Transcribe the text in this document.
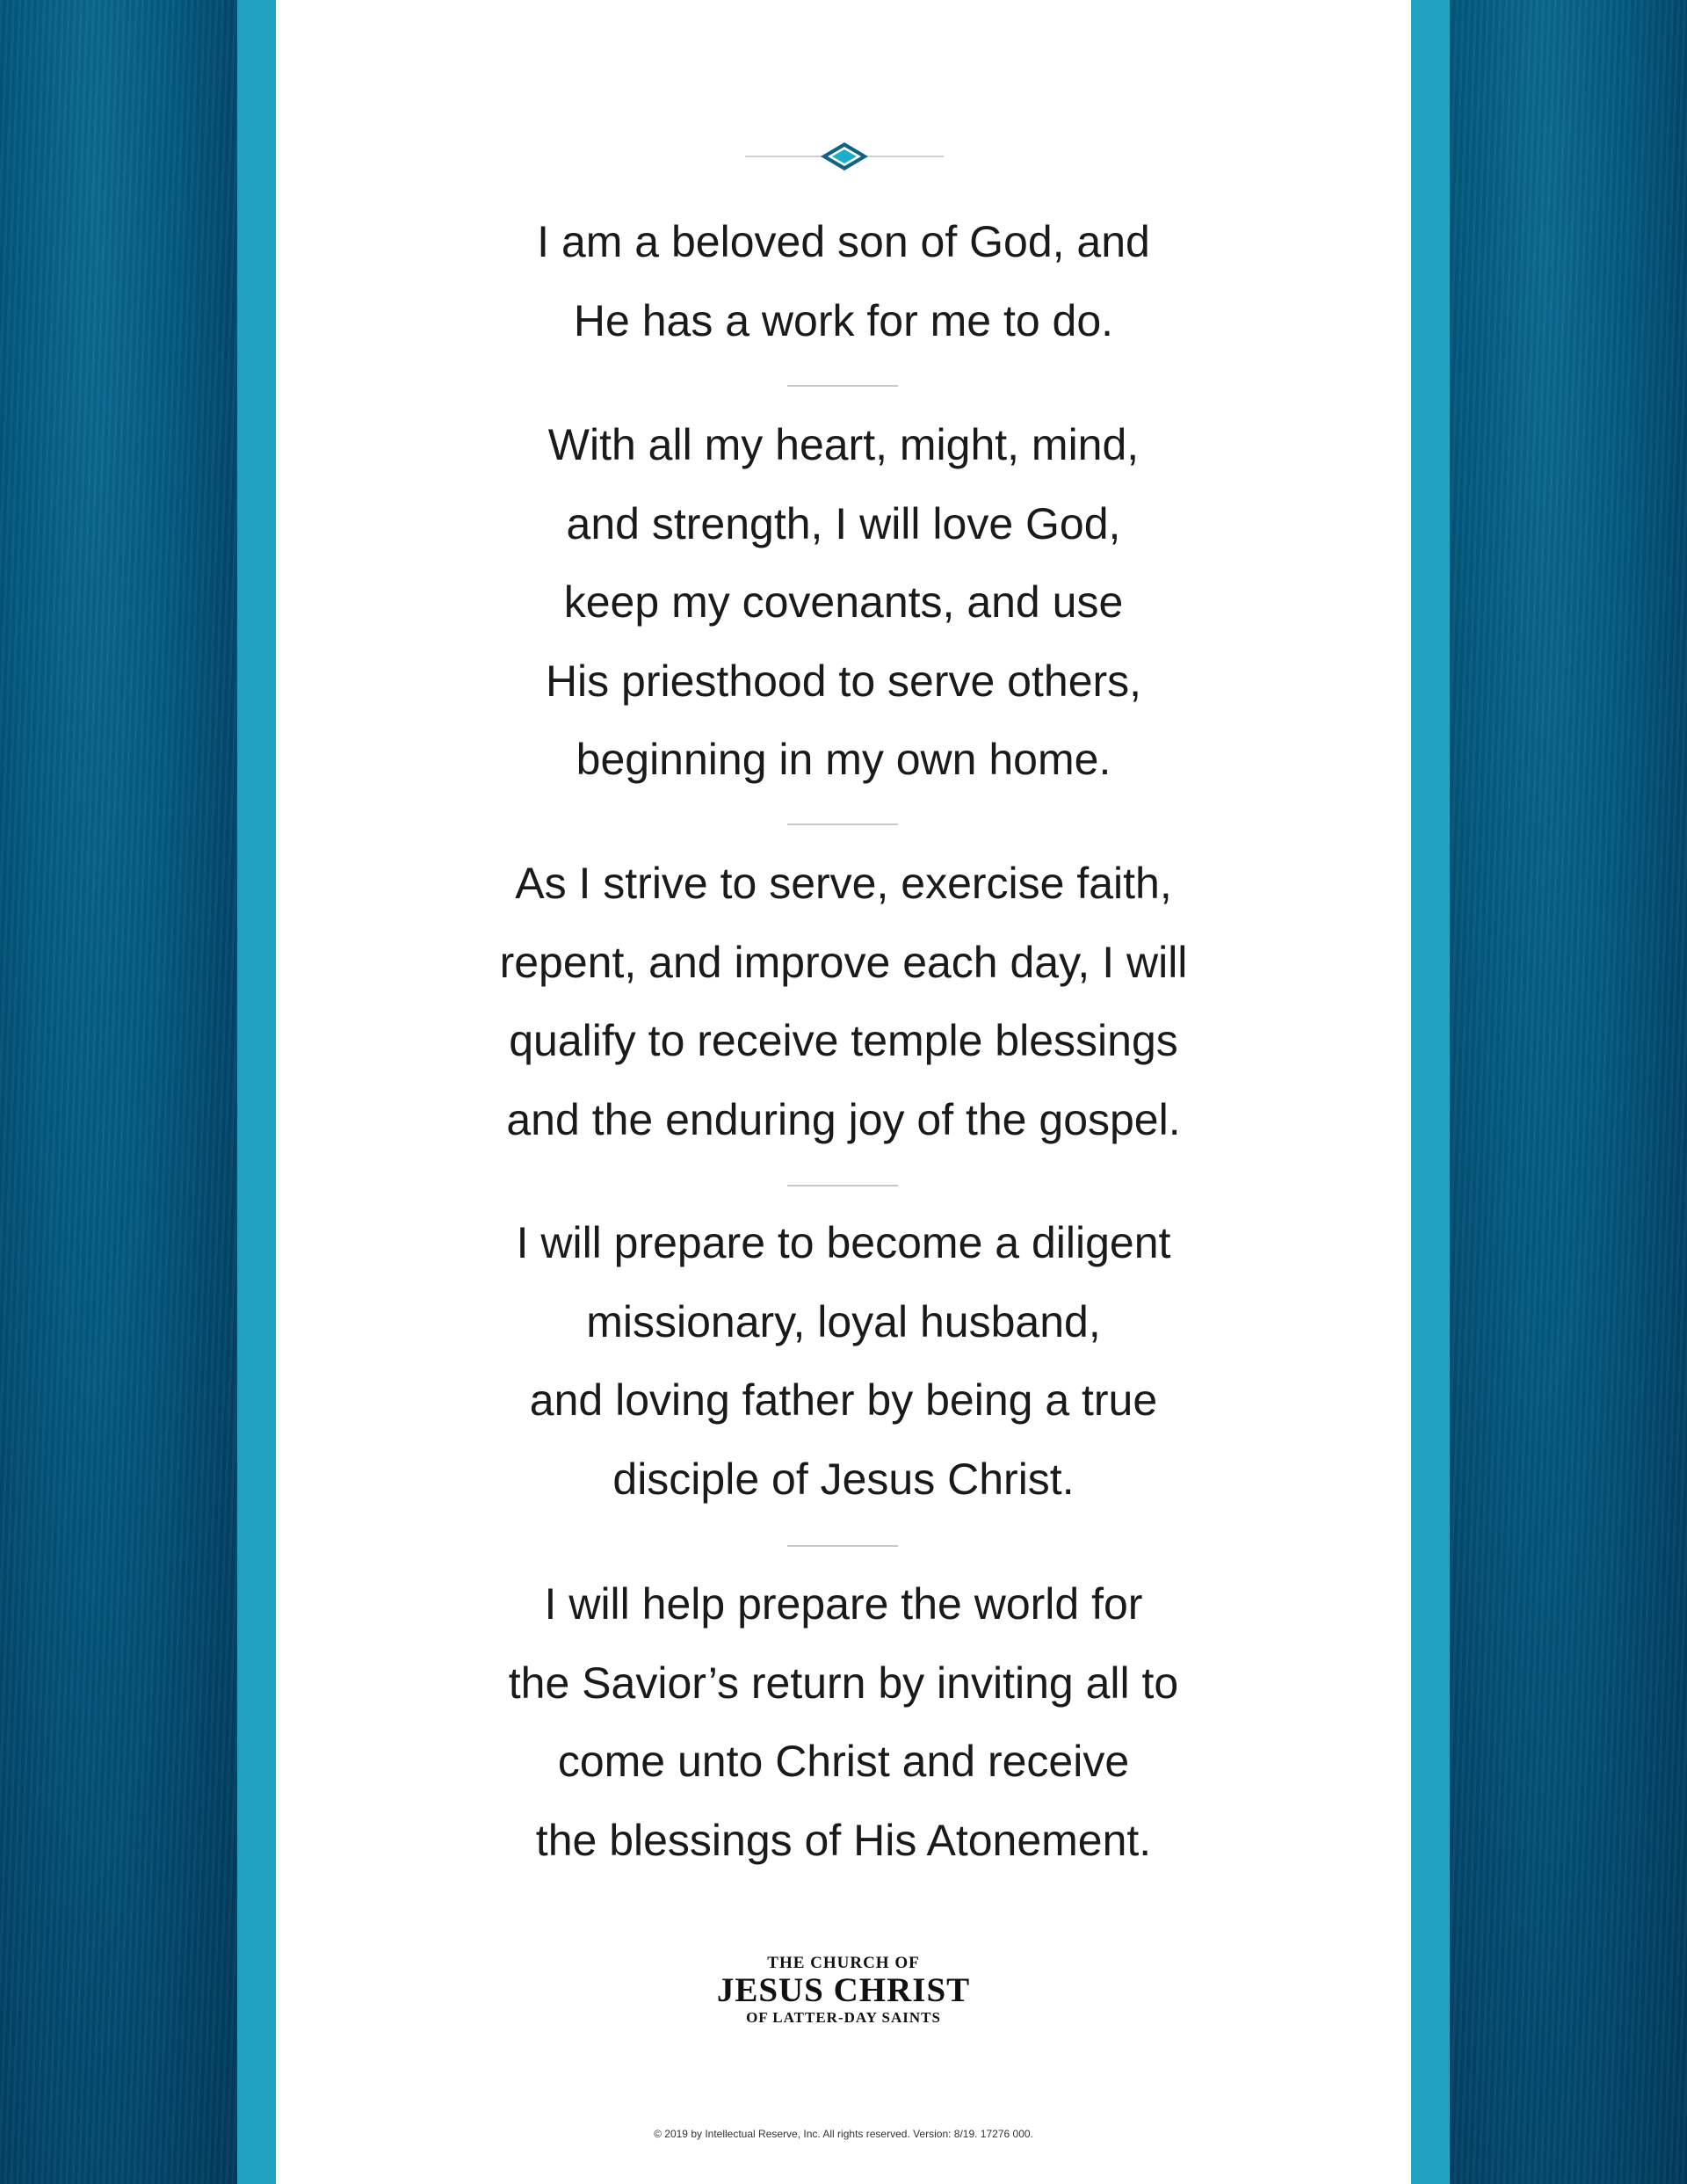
I am a beloved son of God, and
He has a work for me to do.
With all my heart, might, mind,
and strength, I will love God,
keep my covenants, and use
His priesthood to serve others,
beginning in my own home.
As I strive to serve, exercise faith,
repent, and improve each day, I will
qualify to receive temple blessings
and the enduring joy of the gospel.
I will prepare to become a diligent
missionary, loyal husband,
and loving father by being a true
disciple of Jesus Christ.
I will help prepare the world for
the Savior’s return by inviting all to
come unto Christ and receive
the blessings of His Atonement.
THE CHURCH OF
JESUS CHRIST
OF LATTER-DAY SAINTS
© 2019 by Intellectual Reserve, Inc. All rights reserved. Version: 8/19. 17276 000.
